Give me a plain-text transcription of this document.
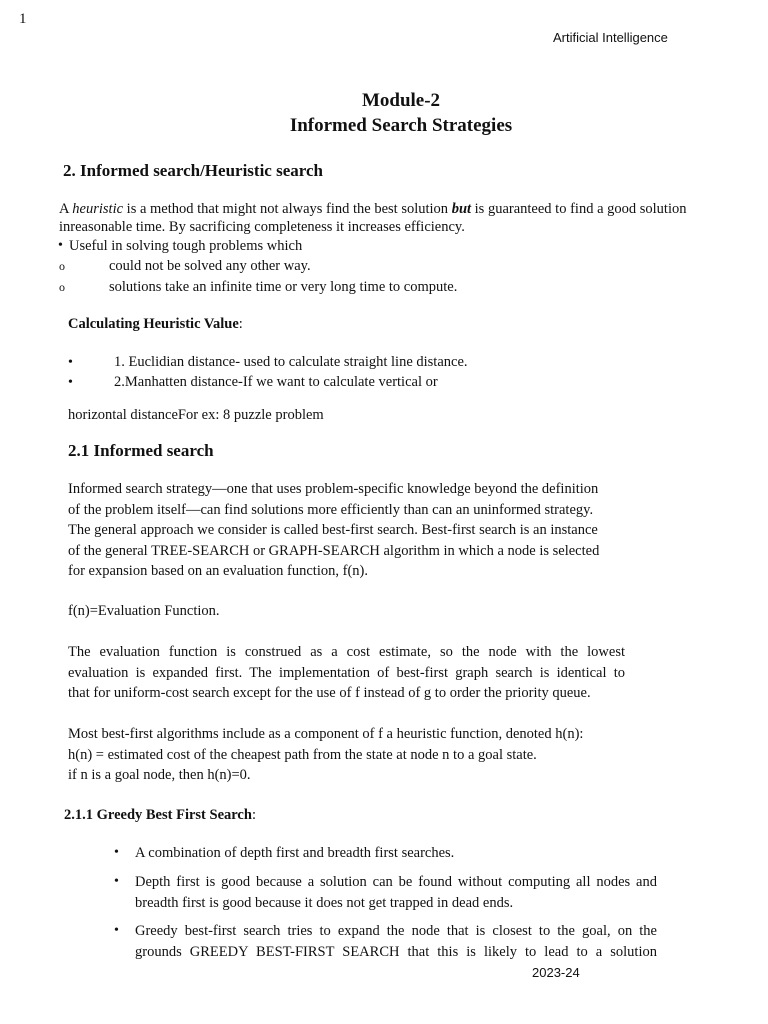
1
Artificial Intelligence
2023-24
Module-2
Informed Search Strategies
2. Informed search/Heuristic search
A heuristic is a method that might not always find the best solution but is guaranteed to find a good solution
inreasonable time. By sacrificing completeness it increases efficiency.
• Useful in solving tough problems which
o	could not be solved any other way.
o	solutions take an infinite time or very long time to compute.
Calculating Heuristic Value:
•	1. Euclidian distance- used to calculate straight line distance.
•	2.Manhatten distance-If we want to calculate vertical or
horizontal distanceFor ex: 8 puzzle problem
2.1 Informed search
Informed search strategy—one that uses problem-specific knowledge beyond the definition
of the problem itself—can find solutions more efficiently than can an uninformed strategy.
The general approach we consider is called best-first search. Best-first search is an instance
of the general TREE-SEARCH or GRAPH-SEARCH algorithm in which a node is selected
for expansion based on an evaluation function, f(n).
f(n)=Evaluation Function.
The evaluation function is construed as a cost estimate, so the node with the lowest
evaluation is expanded first. The implementation of best-first graph search is identical to
that for uniform-cost search except for the use of f instead of g to order the priority queue.
Most best-first algorithms include as a component of f a heuristic function, denoted h(n):
h(n) = estimated cost of the cheapest path from the state at node n to a goal state.
if n is a goal node, then h(n)=0.
2.1.1 Greedy Best First Search:
• A combination of depth first and breadth first searches.
• Depth first is good because a solution can be found without computing all nodes and
breadth first is good because it does not get trapped in dead ends.
• Greedy best-first search tries to expand the node that is closest to the goal, on the
grounds GREEDY BEST-FIRST SEARCH that this is likely to lead to a solution
